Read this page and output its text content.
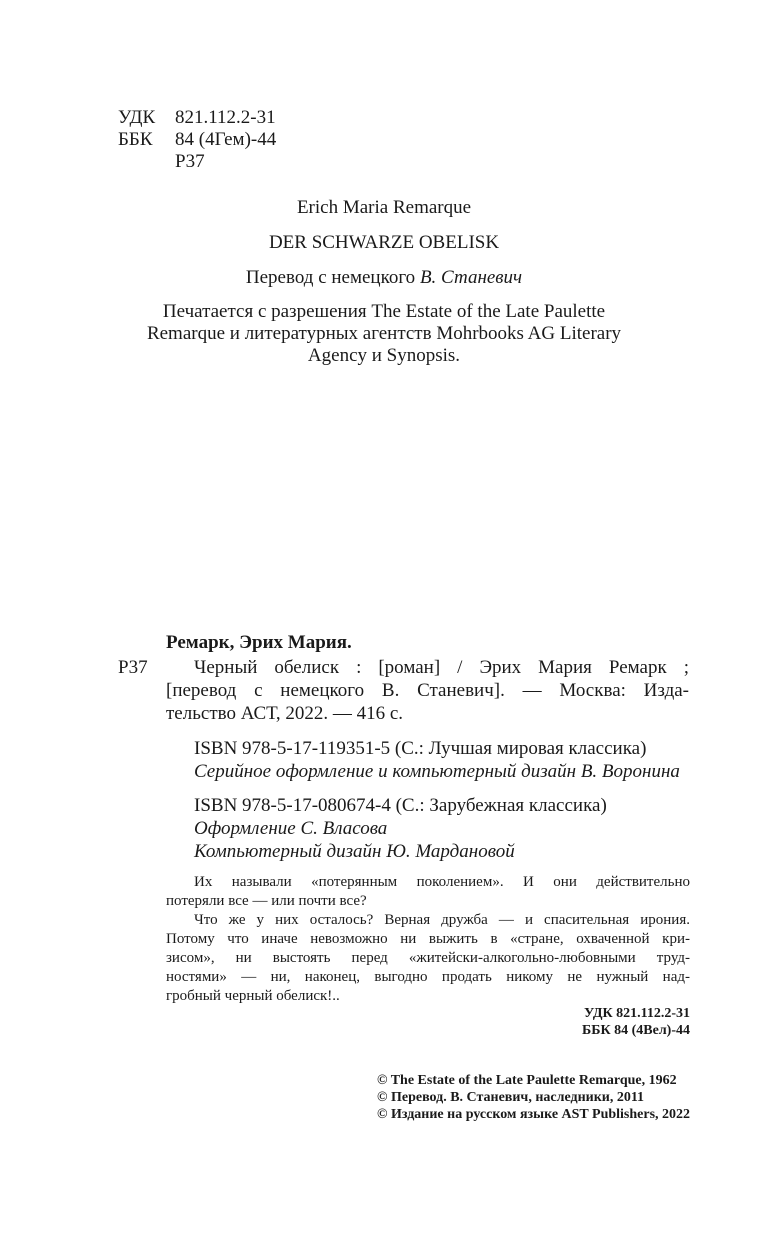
УДК 821.112.2-31
ББК 84 (4Гем)-44
Р37
Erich Maria Remarque
DER SCHWARZE OBELISK
Перевод с немецкого В. Станевич
Печатается с разрешения The Estate of the Late Paulette
Remarque и литературных агентств Mohrbooks AG Literary
Agency и Synopsis.
Ремарк, Эрих Мария.
Р37 Черный обелиск : [роман] / Эрих Мария Ремарк ;
[перевод с немецкого В. Станевич]. — Москва: Изда-
тельство АСТ, 2022. — 416 с.
ISBN 978-5-17-119351-5 (С.: Лучшая мировая классика)
Серийное оформление и компьютерный дизайн В. Воронина
ISBN 978-5-17-080674-4 (С.: Зарубежная классика)
Оформление С. Власова
Компьютерный дизайн Ю. Мардановой
Их называли «потерянным поколением». И они действительно
потеряли все — или почти все?
Что же у них осталось? Верная дружба — и спасительная ирония.
Потому что иначе невозможно ни выжить в «стране, охваченной кри-
зисом», ни выстоять перед «житейски-алкогольно-любовными труд-
ностями» — ни, наконец, выгодно продать никому не нужный над-
гробный черный обелиск!..
УДК 821.112.2-31
ББК 84 (4Вел)-44
© The Estate of the Late Paulette Remarque, 1962
© Перевод. В. Станевич, наследники, 2011
© Издание на русском языке AST Publishers, 2022
